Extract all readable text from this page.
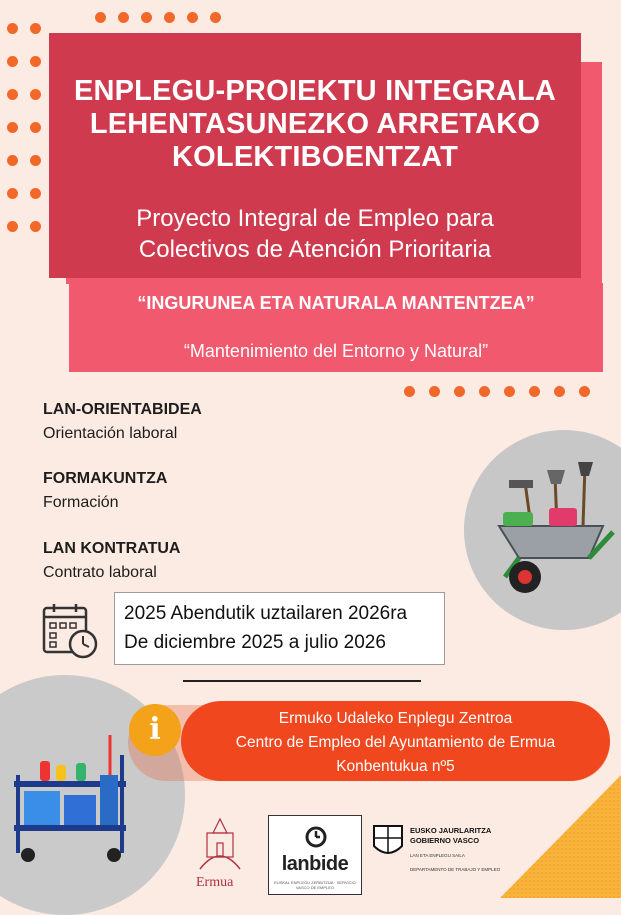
ENPLEGU-PROIEKTU INTEGRALA
LEHENTASUNEZKO ARRETAKO
KOLEKTIBOENTZAT
Proyecto Integral de Empleo para
Colectivos de Atención Prioritaria
“INGURUNEA ETA NATURALA MANTENTZEA”
“Mantenimiento del Entorno y Natural”
LAN-ORIENTABIDEA
Orientación laboral
FORMAKUNTZA
Formación
LAN KONTRATUA
Contrato laboral
2025 Abendutik uztailaren 2026ra
De diciembre 2025 a julio 2026
Ermuko Udaleko Enplegu Zentroa
Centro de Empleo del Ayuntamiento de Ermua
Konbentukua nº5
i
Ermua
lanbide
EUSKAL ENPLEGU ZERBITZUA · SERVICIO VASCO DE EMPLEO
EUSKO JAURLARITZA
GOBIERNO VASCO
LAN ETA ENPLEGU SAILA
DEPARTAMENTO DE TRABAJO Y EMPLEO
